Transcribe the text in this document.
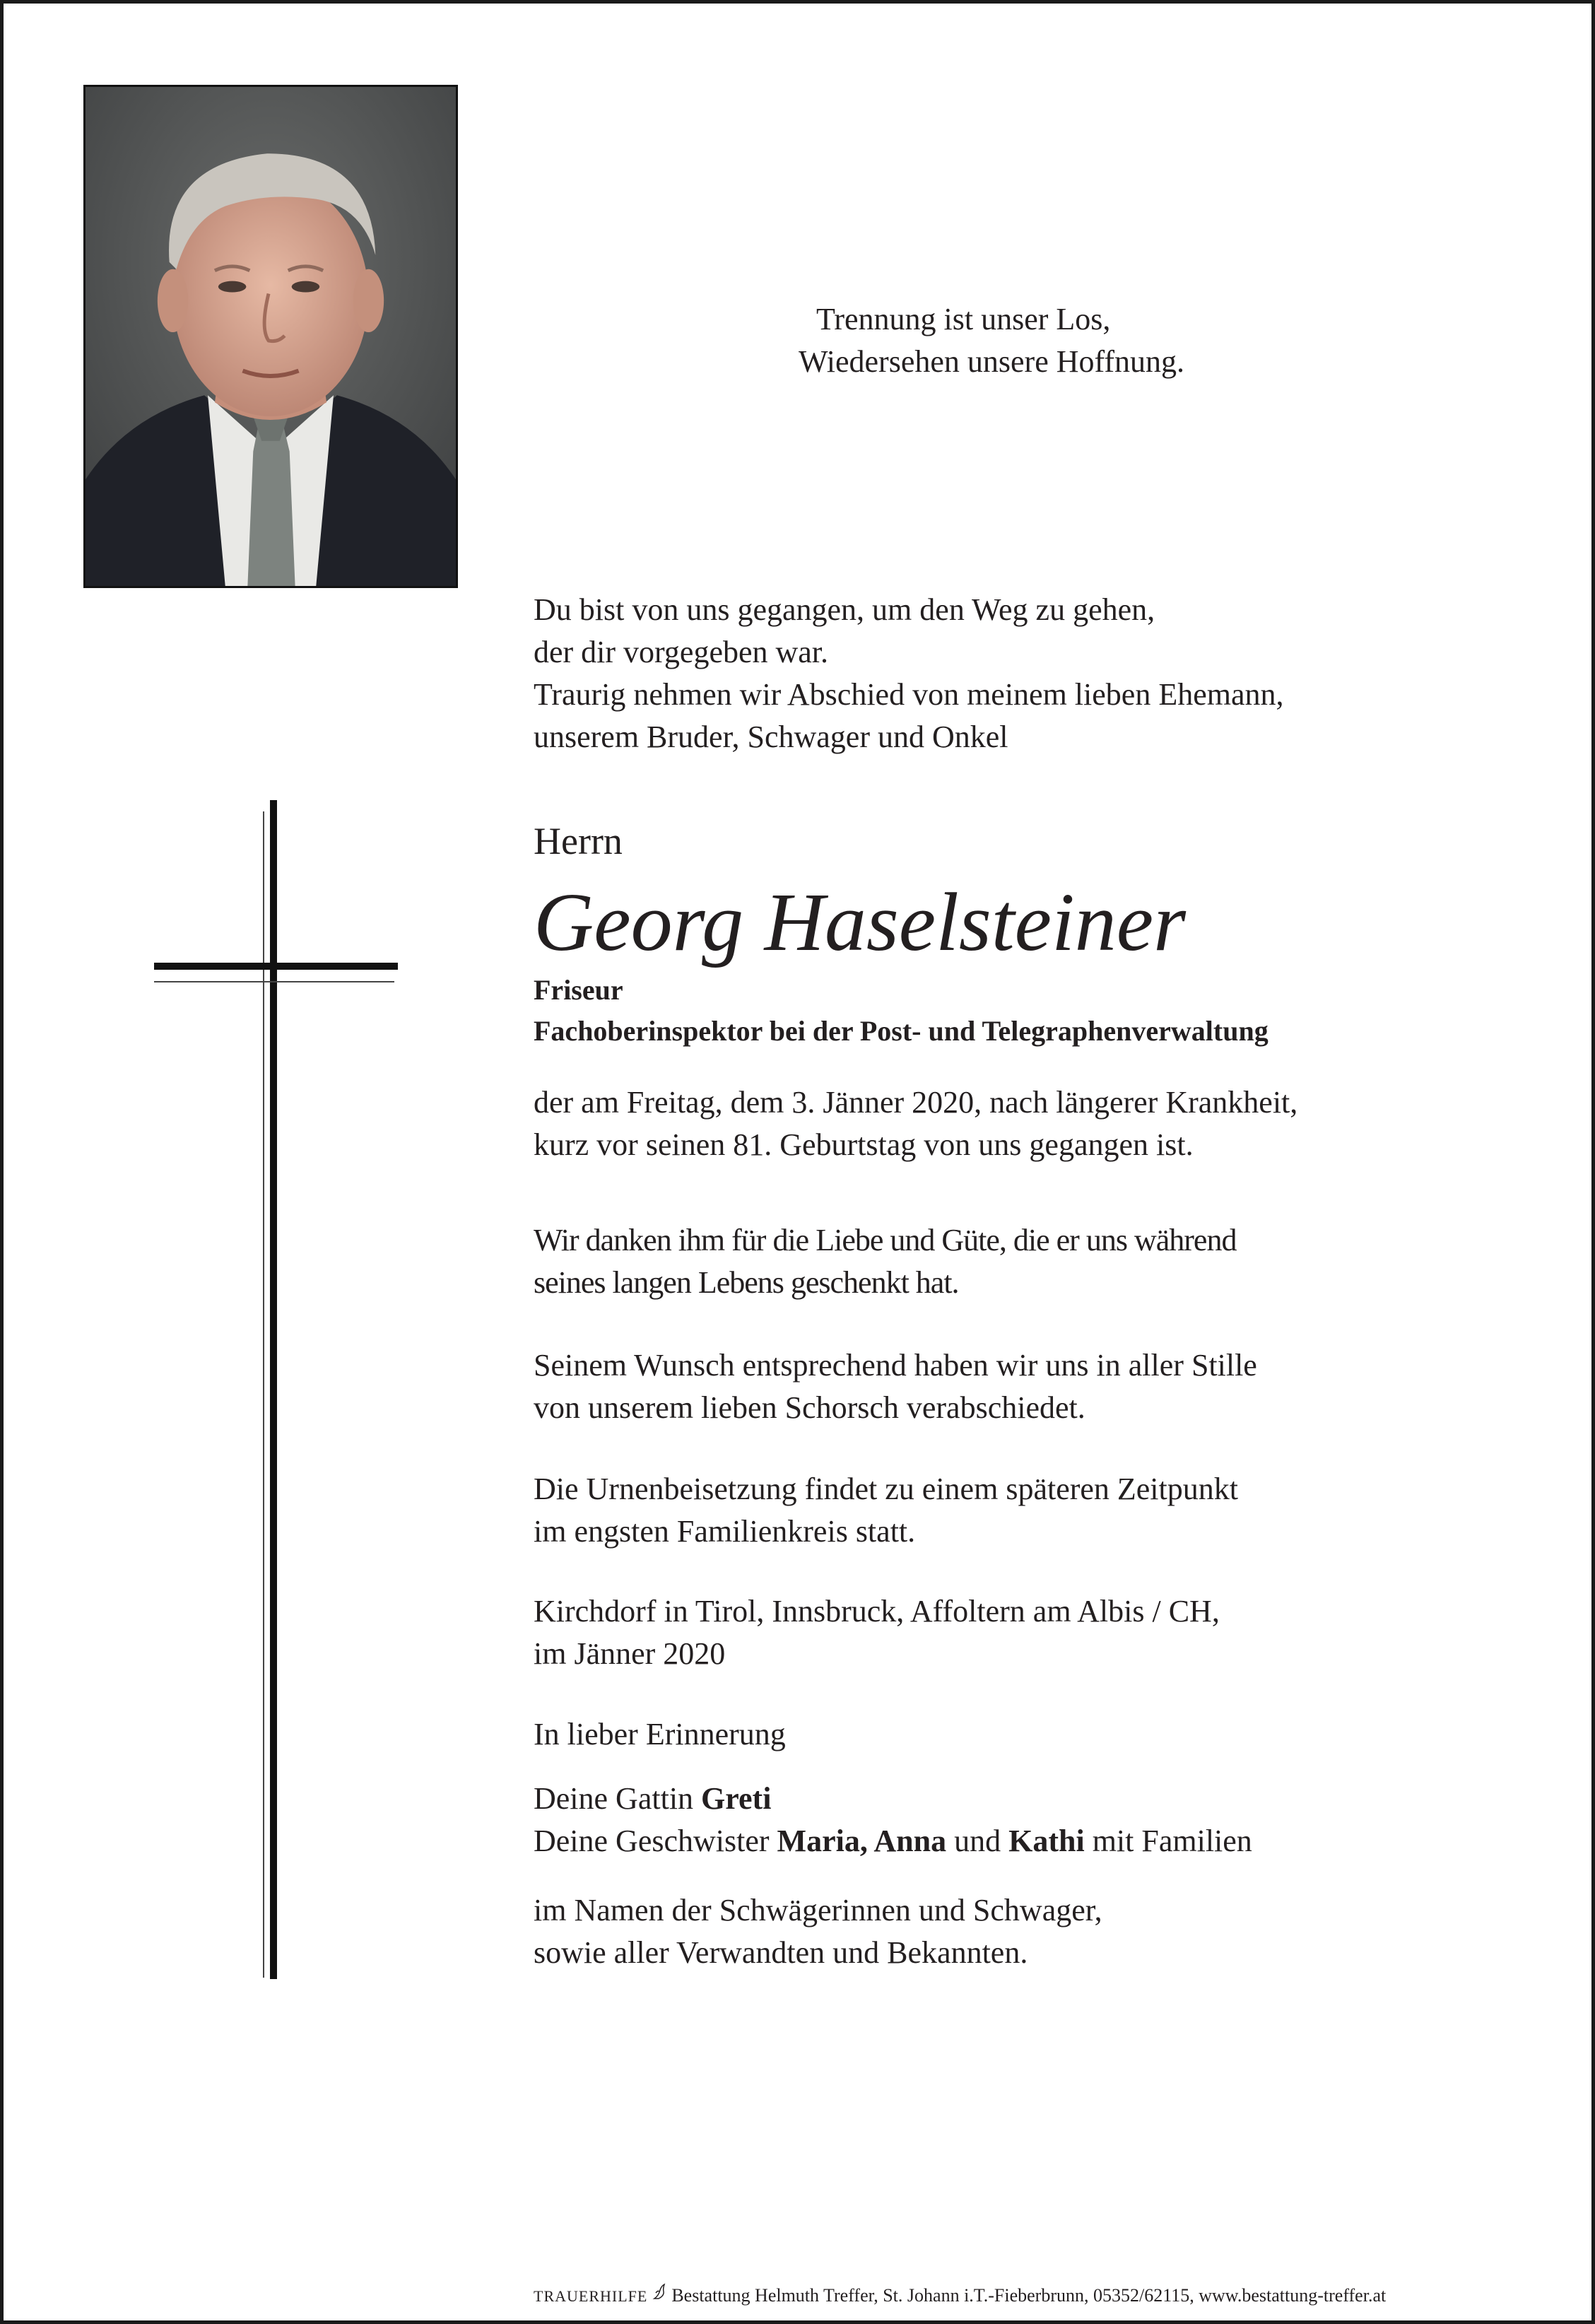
Trennung ist unser Los,
Wiedersehen unsere Hoffnung.

Du bist von uns gegangen, um den Weg zu gehen,

der dir vorgegeben war.

Traurig nehmen wir Abschied von meinem lieben Ehemann,

unserem Bruder, Schwager und Onkel

Herrn
Georg Haselsteiner

Friseur

Fachoberinspektor bei der Post- und Telegraphenverwaltung

der am Freitag, dem 3. Jänner 2020, nach längerer Krankheit,

kurz vor seinen 81. Geburtstag von uns gegangen ist.

Wir danken ihm für die Liebe und Güte, die er uns während

seines langen Lebens geschenkt hat.

Seinem Wunsch entsprechend haben wir uns in aller Stille

von unserem lieben Schorsch verabschiedet.

Die Urnenbeisetzung findet zu einem späteren Zeitpunkt

im engsten Familienkreis statt.

Kirchdorf in Tirol, Innsbruck, Affoltern am Albis / CH,

im Jänner 2020

In lieber Erinnerung

Deine Gattin Greti

Deine Geschwister Maria, Anna und Kathi mit Familien

im Namen der Schwägerinnen und Schwager,

sowie aller Verwandten und Bekannten.

TRAUERHILFE Bestattung Helmuth Treffer, St. Johann i.T.-Fieberbrunn, 05352/62115, www.bestattung-treffer.at
